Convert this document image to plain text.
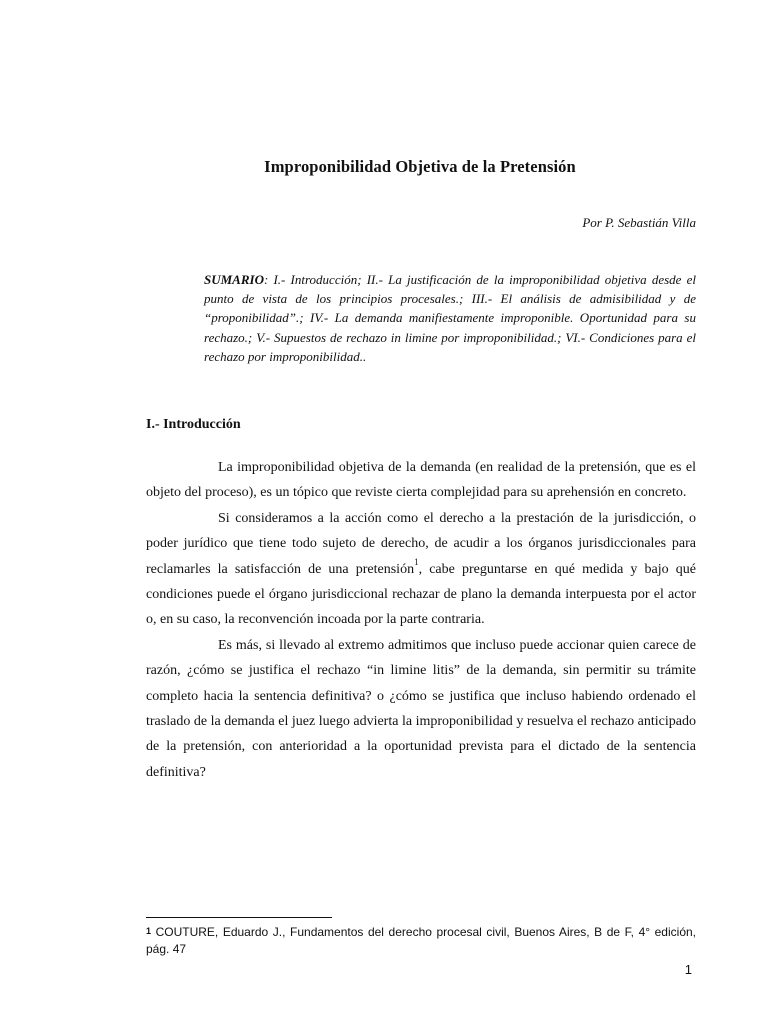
Improponibilidad Objetiva de la Pretensión
Por P. Sebastián Villa
SUMARIO: I.- Introducción; II.- La justificación de la improponibilidad objetiva desde el punto de vista de los principios procesales.; III.- El análisis de admisibilidad y de “proponibilidad”.; IV.- La demanda manifiestamente improponible. Oportunidad para su rechazo.; V.- Supuestos de rechazo in limine por improponibilidad.; VI.- Condiciones para el rechazo por improponibilidad..
I.- Introducción

La improponibilidad objetiva de la demanda (en realidad de la pretensión, que es el objeto del proceso), es un tópico que reviste cierta complejidad para su aprehensión en concreto.

Si consideramos a la acción como el derecho a la prestación de la jurisdicción, o poder jurídico que tiene todo sujeto de derecho, de acudir a los órganos jurisdiccionales para reclamarles la satisfacción de una pretensión$^1$, cabe preguntarse en qué medida y bajo qué condiciones puede el órgano jurisdiccional rechazar de plano la demanda interpuesta por el actor o, en su caso, la reconvención incoada por la parte contraria.

Es más, si llevado al extremo admitimos que incluso puede accionar quien carece de razón, ¿cómo se justifica el rechazo “in limine litis” de la demanda, sin permitir su trámite completo hacia la sentencia definitiva? o ¿cómo se justifica que incluso habiendo ordenado el traslado de la demanda el juez luego advierta la improponibilidad y resuelva el rechazo anticipado de la pretensión, con anterioridad a la oportunidad prevista para el dictado de la sentencia definitiva?

$^1$ COUTURE, Eduardo J., Fundamentos del derecho procesal civil, Buenos Aires, B de F, 4° edición, pág. 47
1
